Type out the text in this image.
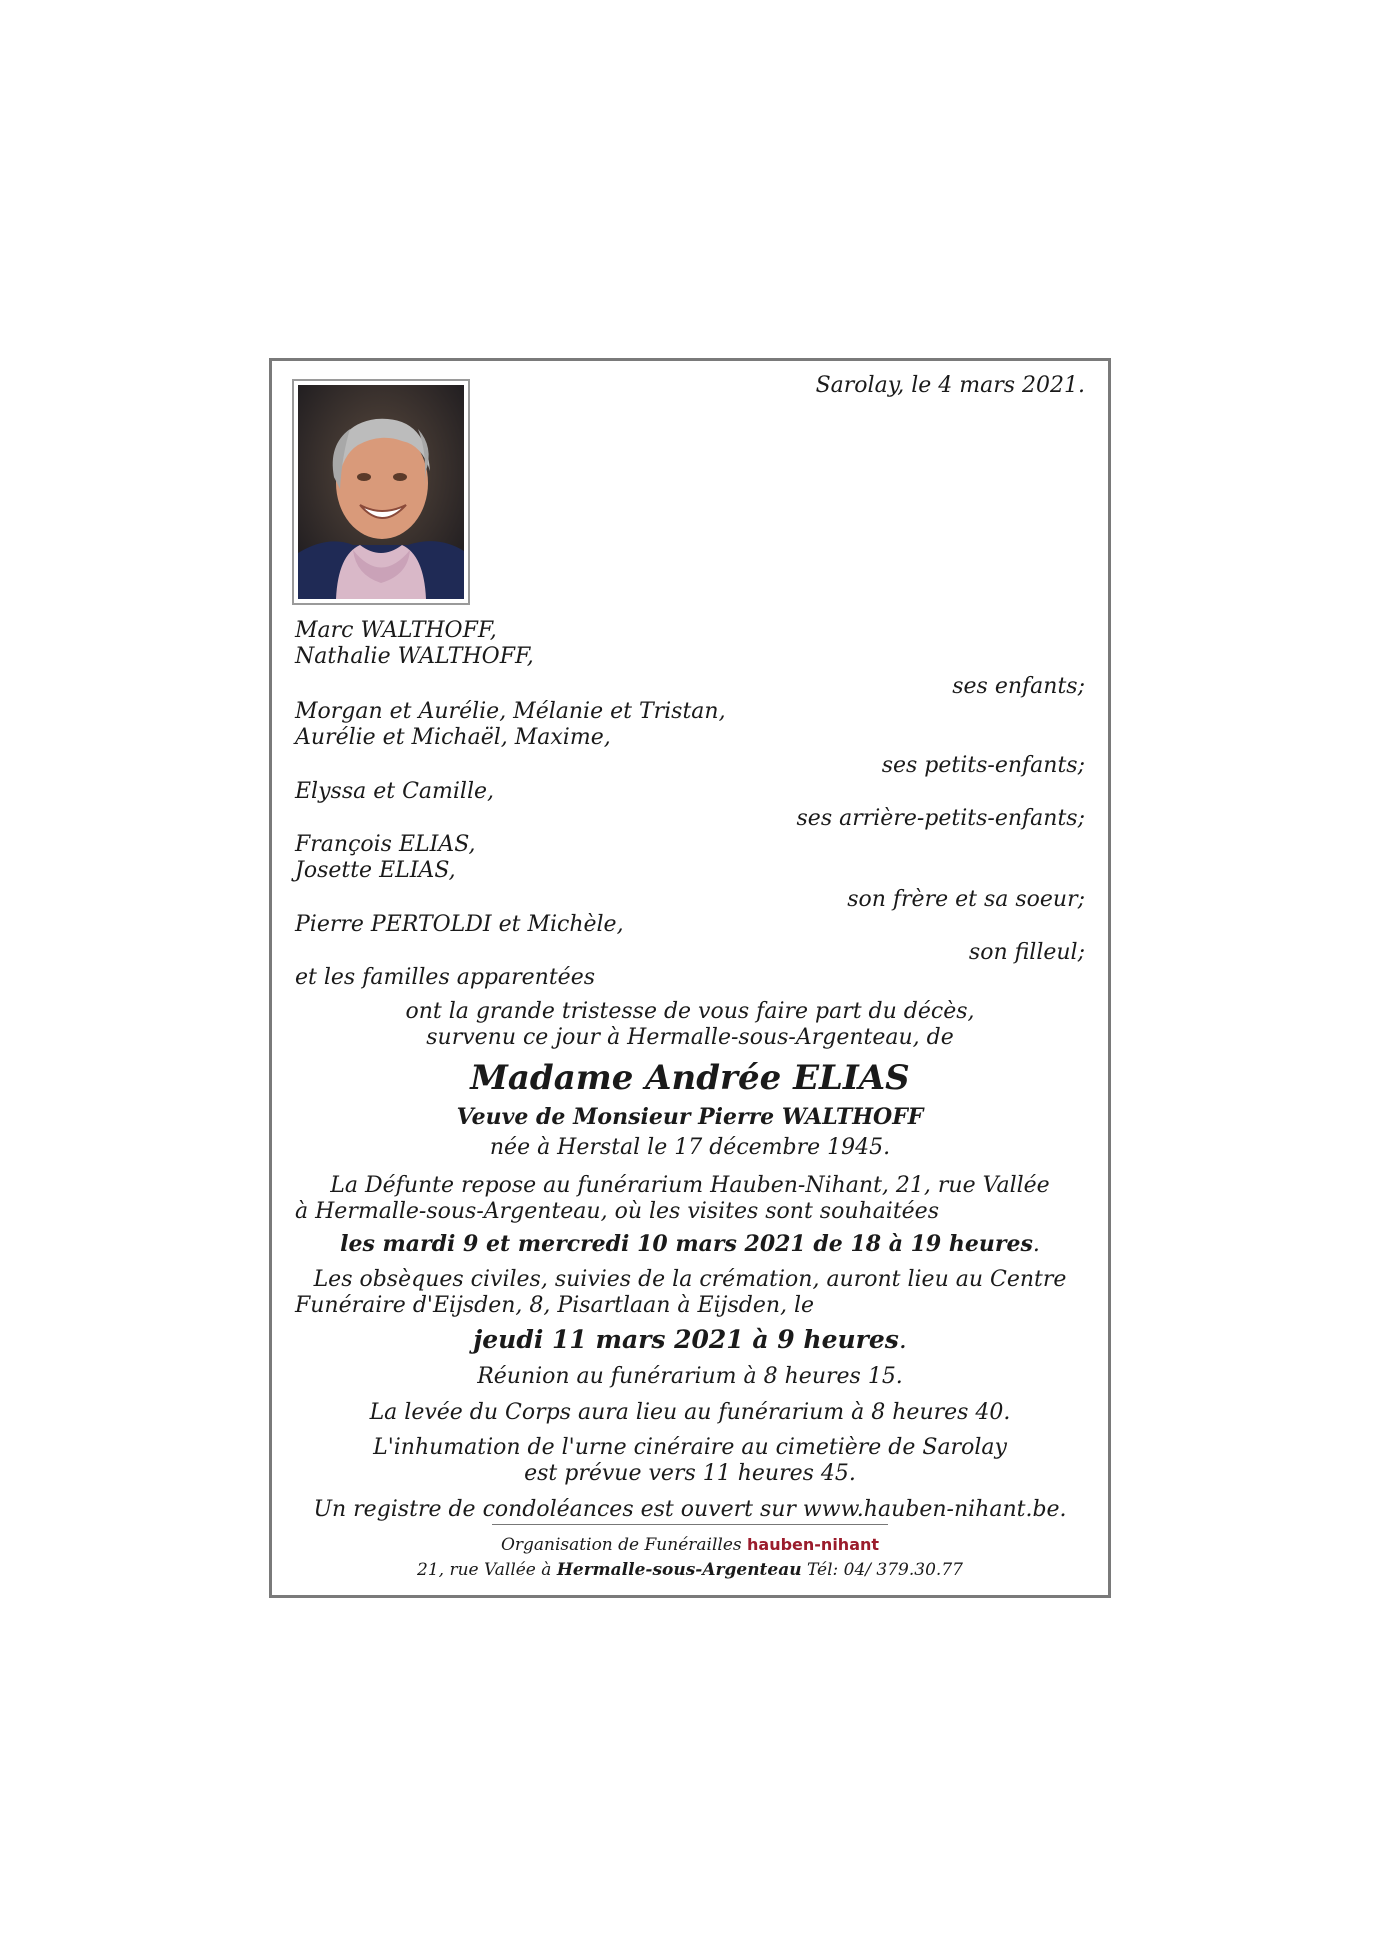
Sarolay, le 4 mars 2021.
Marc WALTHOFF,
Nathalie WALTHOFF,
ses enfants;
Morgan et Aurélie, Mélanie et Tristan,
Aurélie et Michaël, Maxime,
ses petits-enfants;
Elyssa et Camille,
ses arrière-petits-enfants;
François ELIAS,
Josette ELIAS,
son frère et sa soeur;
Pierre PERTOLDI et Michèle,
son filleul;
et les familles apparentées
ont la grande tristesse de vous faire part du décès,
survenu ce jour à Hermalle-sous-Argenteau, de
Madame Andrée ELIAS
Veuve de Monsieur Pierre WALTHOFF
née à Herstal le 17 décembre 1945.
La Défunte repose au funérarium Hauben-Nihant, 21, rue Vallée
à Hermalle-sous-Argenteau, où les visites sont souhaitées
les mardi 9 et mercredi 10 mars 2021 de 18 à 19 heures.
Les obsèques civiles, suivies de la crémation, auront lieu au Centre
Funéraire d'Eijsden, 8, Pisartlaan à Eijsden, le
jeudi 11 mars 2021 à 9 heures.
Réunion au funérarium à 8 heures 15.
La levée du Corps aura lieu au funérarium à 8 heures 40.
L'inhumation de l'urne cinéraire au cimetière de Sarolay
est prévue vers 11 heures 45.
Un registre de condoléances est ouvert sur www.hauben-nihant.be.
Organisation de Funérailles hauben-nihant
21, rue Vallée à Hermalle-sous-Argenteau Tél: 04/ 379.30.77
